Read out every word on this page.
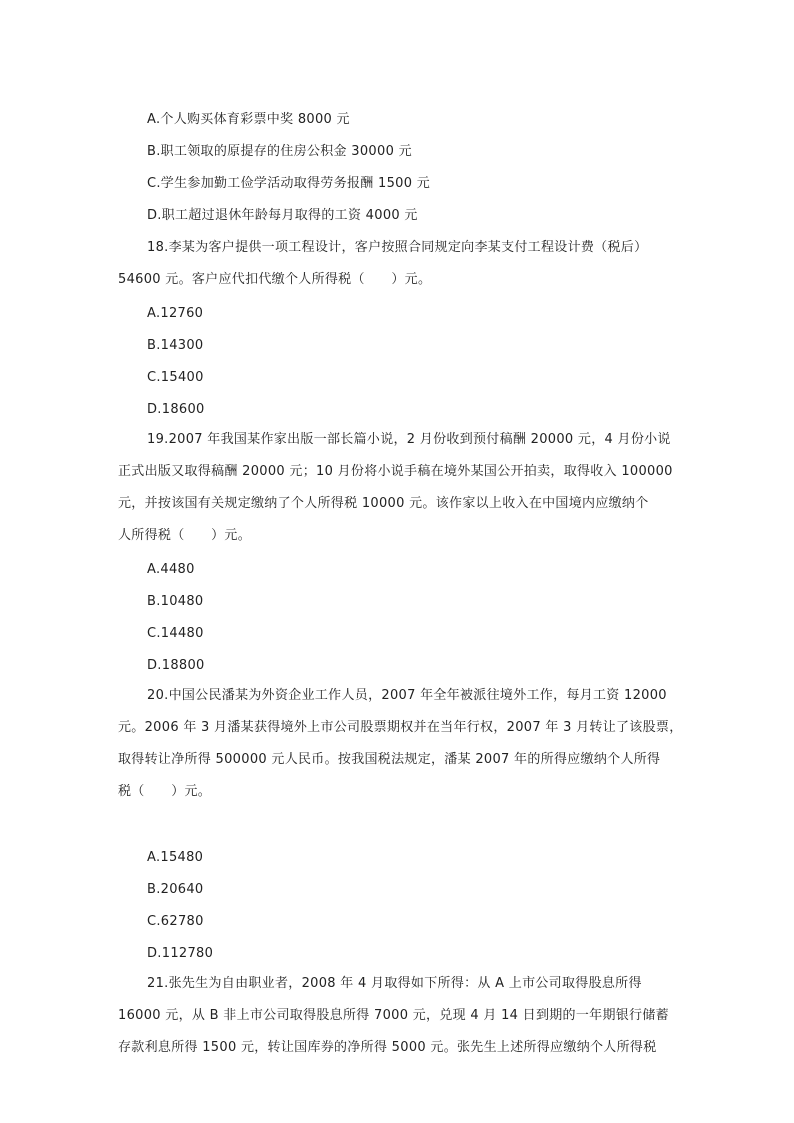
A.个人购买体育彩票中奖 8000 元
B.职工领取的原提存的住房公积金 30000 元
C.学生参加勤工俭学活动取得劳务报酬 1500 元
D.职工超过退休年龄每月取得的工资 4000 元
18.李某为客户提供一项工程设计，客户按照合同规定向李某支付工程设计费（税后）
54600 元。客户应代扣代缴个人所得税（　　）元。
A.12760
B.14300
C.15400
D.18600
19.2007 年我国某作家出版一部长篇小说，2 月份收到预付稿酬 20000 元，4 月份小说
正式出版又取得稿酬 20000 元；10 月份将小说手稿在境外某国公开拍卖，取得收入 100000
元，并按该国有关规定缴纳了个人所得税 10000 元。该作家以上收入在中国境内应缴纳个
人所得税（　　）元。
A.4480
B.10480
C.14480
D.18800
20.中国公民潘某为外资企业工作人员，2007 年全年被派往境外工作，每月工资 12000
元。2006 年 3 月潘某获得境外上市公司股票期权并在当年行权，2007 年 3 月转让了该股票，
取得转让净所得 500000 元人民币。按我国税法规定，潘某 2007 年的所得应缴纳个人所得
税（　　）元。
A.15480
B.20640
C.62780
D.112780
21.张先生为自由职业者，2008 年 4 月取得如下所得：从 A 上市公司取得股息所得
16000 元，从 B 非上市公司取得股息所得 7000 元，兑现 4 月 14 日到期的一年期银行储蓄
存款利息所得 1500 元，转让国库券的净所得 5000 元。张先生上述所得应缴纳个人所得税
